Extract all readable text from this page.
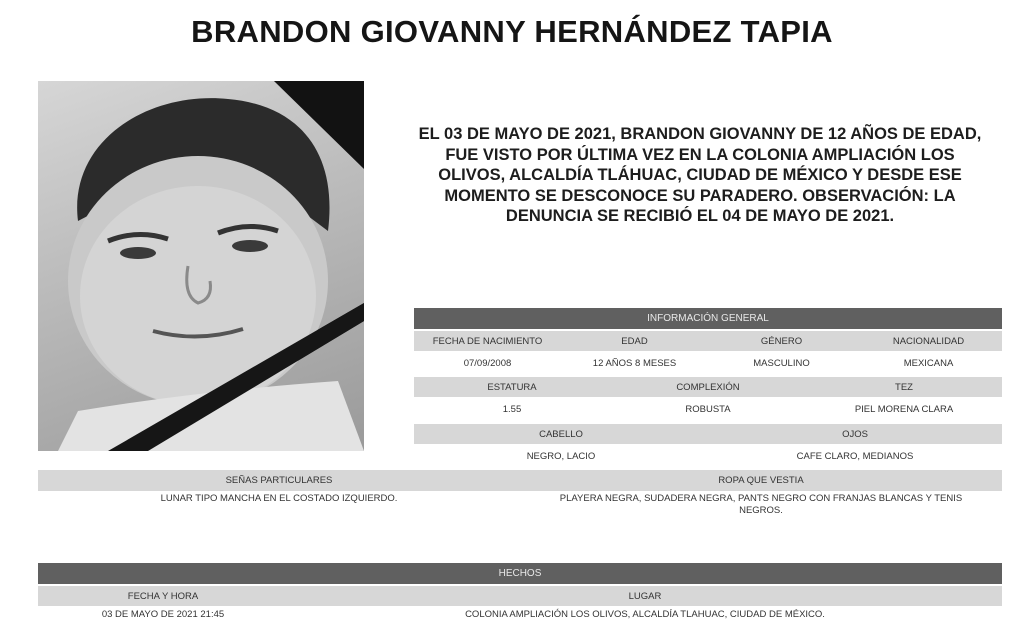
BRANDON GIOVANNY HERNÁNDEZ TAPIA
EL 03 DE MAYO DE 2021, BRANDON GIOVANNY DE 12 AÑOS DE EDAD, FUE VISTO POR ÚLTIMA VEZ EN LA COLONIA AMPLIACIÓN LOS OLIVOS, ALCALDÍA TLÁHUAC, CIUDAD DE MÉXICO Y DESDE ESE MOMENTO SE DESCONOCE SU PARADERO. OBSERVACIÓN: LA DENUNCIA SE RECIBIÓ EL 04 DE MAYO DE 2021.
INFORMACIÓN GENERAL
FECHA DE NACIMIENTO	EDAD	GÉNERO	NACIONALIDAD
07/09/2008	12 AÑOS 8 MESES	MASCULINO	MEXICANA
ESTATURA	COMPLEXIÓN	TEZ
1.55	ROBUSTA	PIEL MORENA CLARA
CABELLO	OJOS
NEGRO, LACIO	CAFE CLARO, MEDIANOS
SEÑAS PARTICULARES	ROPA QUE VESTIA
LUNAR TIPO MANCHA EN EL COSTADO IZQUIERDO.	PLAYERA NEGRA, SUDADERA NEGRA, PANTS NEGRO CON FRANJAS BLANCAS Y TENIS NEGROS.
HECHOS
FECHA Y HORA	LUGAR
03 DE MAYO DE 2021 21:45	COLONIA AMPLIACIÓN LOS OLIVOS, ALCALDÍA TLAHUAC, CIUDAD DE MÉXICO.
